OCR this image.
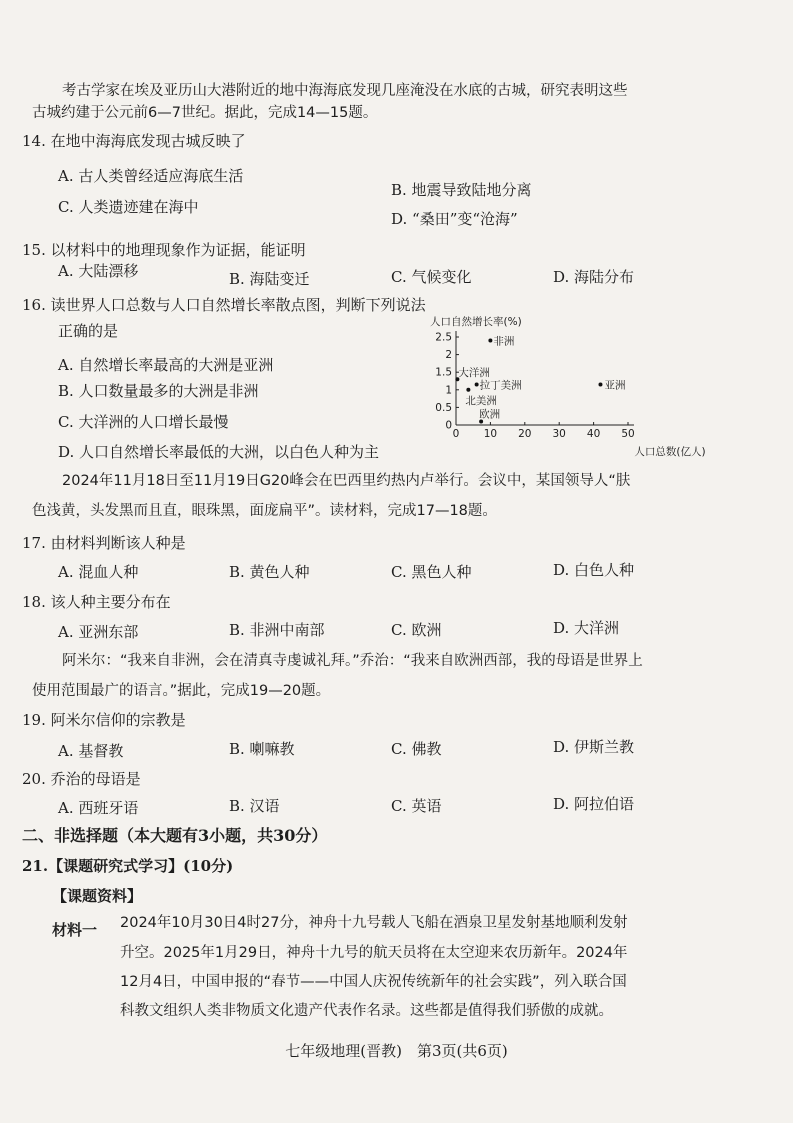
考古学家在埃及亚历山大港附近的地中海海底发现几座淹没在水底的古城，研究表明这些
古城约建于公元前6—7世纪。据此，完成14—15题。
14. 在地中海海底发现古城反映了
A. 古人类曾经适应海底生活
B. 地震导致陆地分离
C. 人类遗迹建在海中
D. “桑田”变“沧海”
15. 以材料中的地理现象作为证据，能证明
A. 大陆漂移	B. 海陆变迁	C. 气候变化	D. 海陆分布
16. 读世界人口总数与人口自然增长率散点图，判断下列说法
正确的是
A. 自然增长率最高的大洲是亚洲
B. 人口数量最多的大洲是非洲
C. 大洋洲的人口增长最慢
D. 人口自然增长率最低的大洲，以白色人种为主
人口自然增长率(%)
0 10 20 30 40 50
0
0.5
1
1.5
2
2.5
人口总数(亿人)
非洲
亚洲
拉丁美洲
大洋洲
北美洲
欧洲
2024年11月18日至11月19日G20峰会在巴西里约热内卢举行。会议中，某国领导人“肤
色浅黄，头发黑而且直，眼珠黑，面庞扁平”。读材料，完成17—18题。
17. 由材料判断该人种是
A. 混血人种	B. 黄色人种	C. 黑色人种	D. 白色人种
18. 该人种主要分布在
A. 亚洲东部	B. 非洲中南部	C. 欧洲	D. 大洋洲
阿米尔：“我来自非洲，会在清真寺虔诚礼拜。”乔治：“我来自欧洲西部，我的母语是世界上
使用范围最广的语言。”据此，完成19—20题。
19. 阿米尔信仰的宗教是
A. 基督教	B. 喇嘛教	C. 佛教	D. 伊斯兰教
20. 乔治的母语是
A. 西班牙语	B. 汉语	C. 英语	D. 阿拉伯语
二、非选择题（本大题有3小题，共30分）
21.【课题研究式学习】(10分)
【课题资料】
材料一 2024年10月30日4时27分，神舟十九号载人飞船在酒泉卫星发射基地顺利发射
升空。2025年1月29日，神舟十九号的航天员将在太空迎来农历新年。2024年
12月4日，中国申报的“春节——中国人庆祝传统新年的社会实践”，列入联合国
科教文组织人类非物质文化遗产代表作名录。这些都是值得我们骄傲的成就。
七年级地理(晋教)　第3页(共6页)
